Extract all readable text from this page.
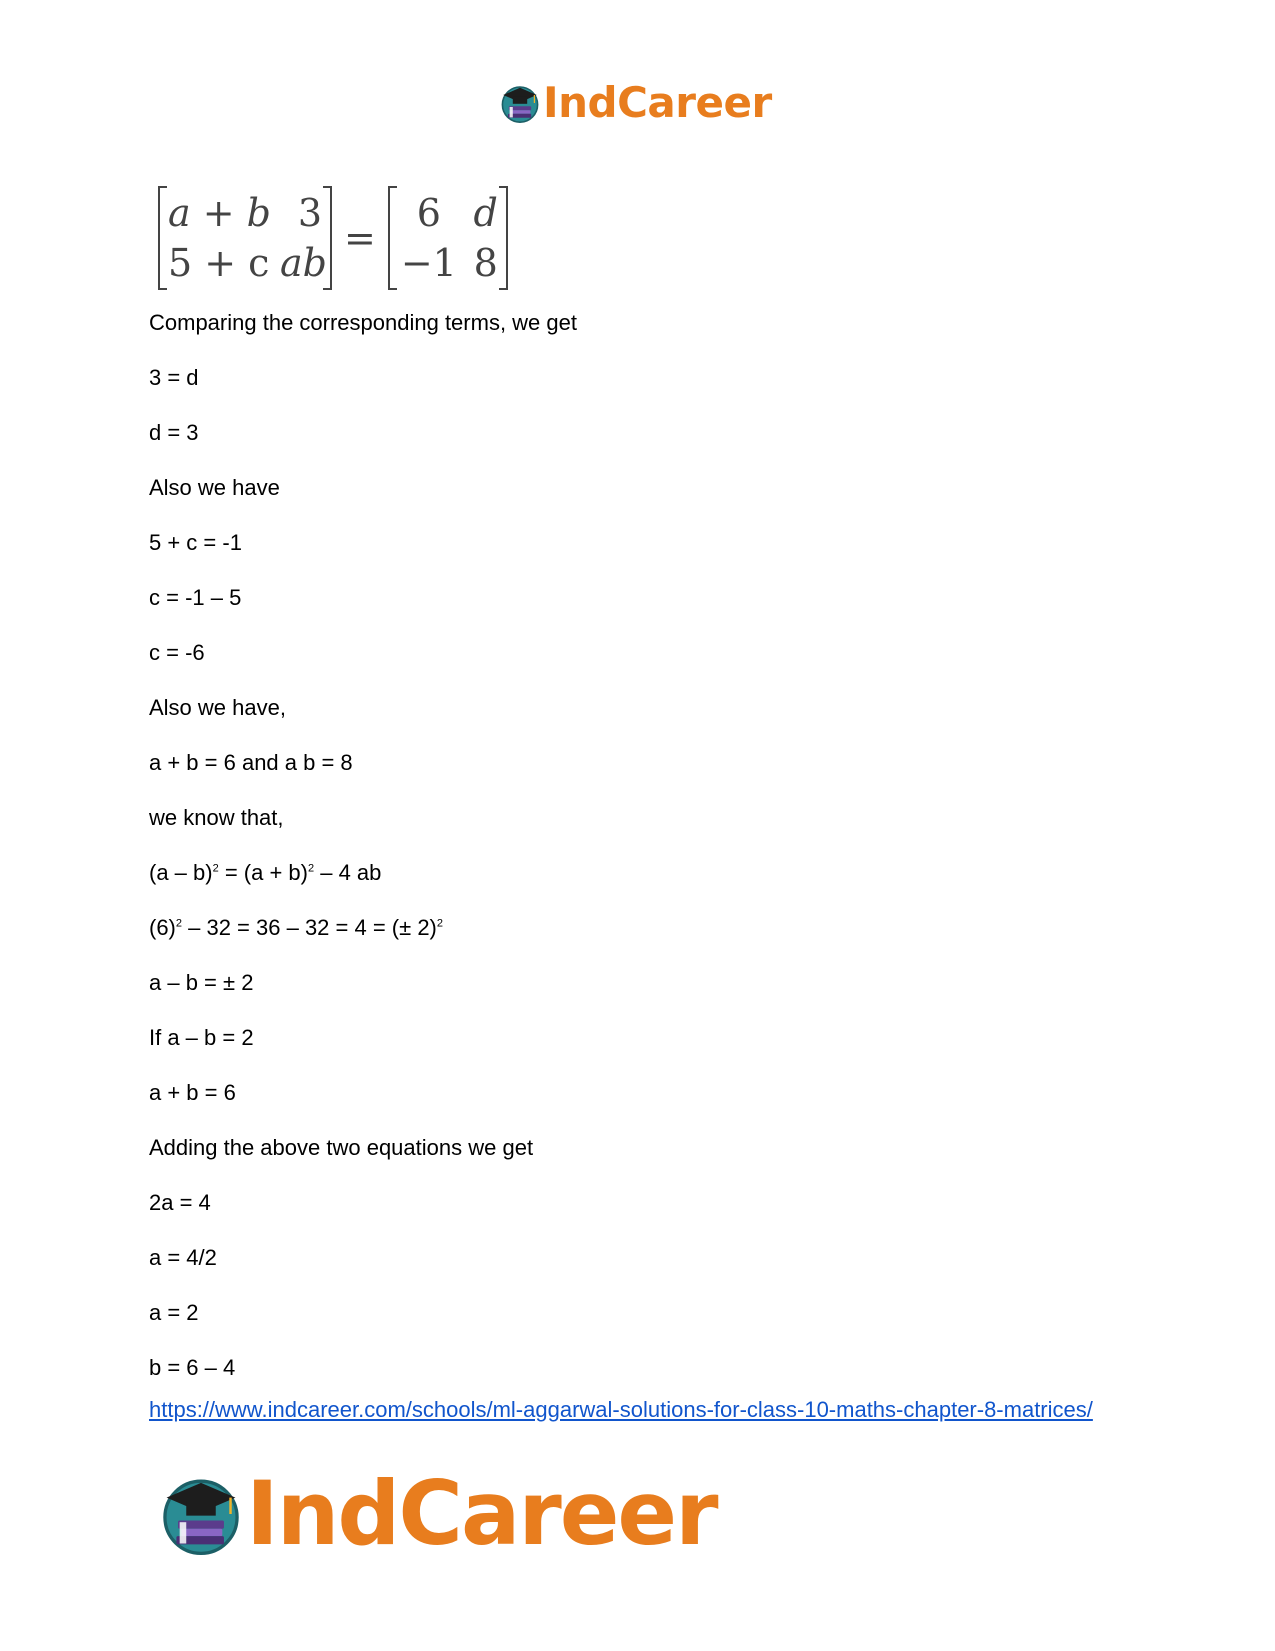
IndCareer
a + b 3
5 + c ab
=
6 d
−1 8
Comparing the corresponding terms, we get
3 = d
d = 3
Also we have
5 + c = -1
c = -1 – 5
c = -6
Also we have,
a + b = 6 and a b = 8
we know that,
$(a - b)^2 = (a + b)^2 - 4$ ab
$(6)^2 - 32 = 36 - 32 = 4$ = (± 2)$^2$
a – b = ± 2
If a – b = 2
a + b = 6
Adding the above two equations we get
2a = 4
a = 4/2
a = 2
b = 6 – 4
https://www.indcareer.com/schools/ml-aggarwal-solutions-for-class-10-maths-chapter-8-matrices/
IndCareer
